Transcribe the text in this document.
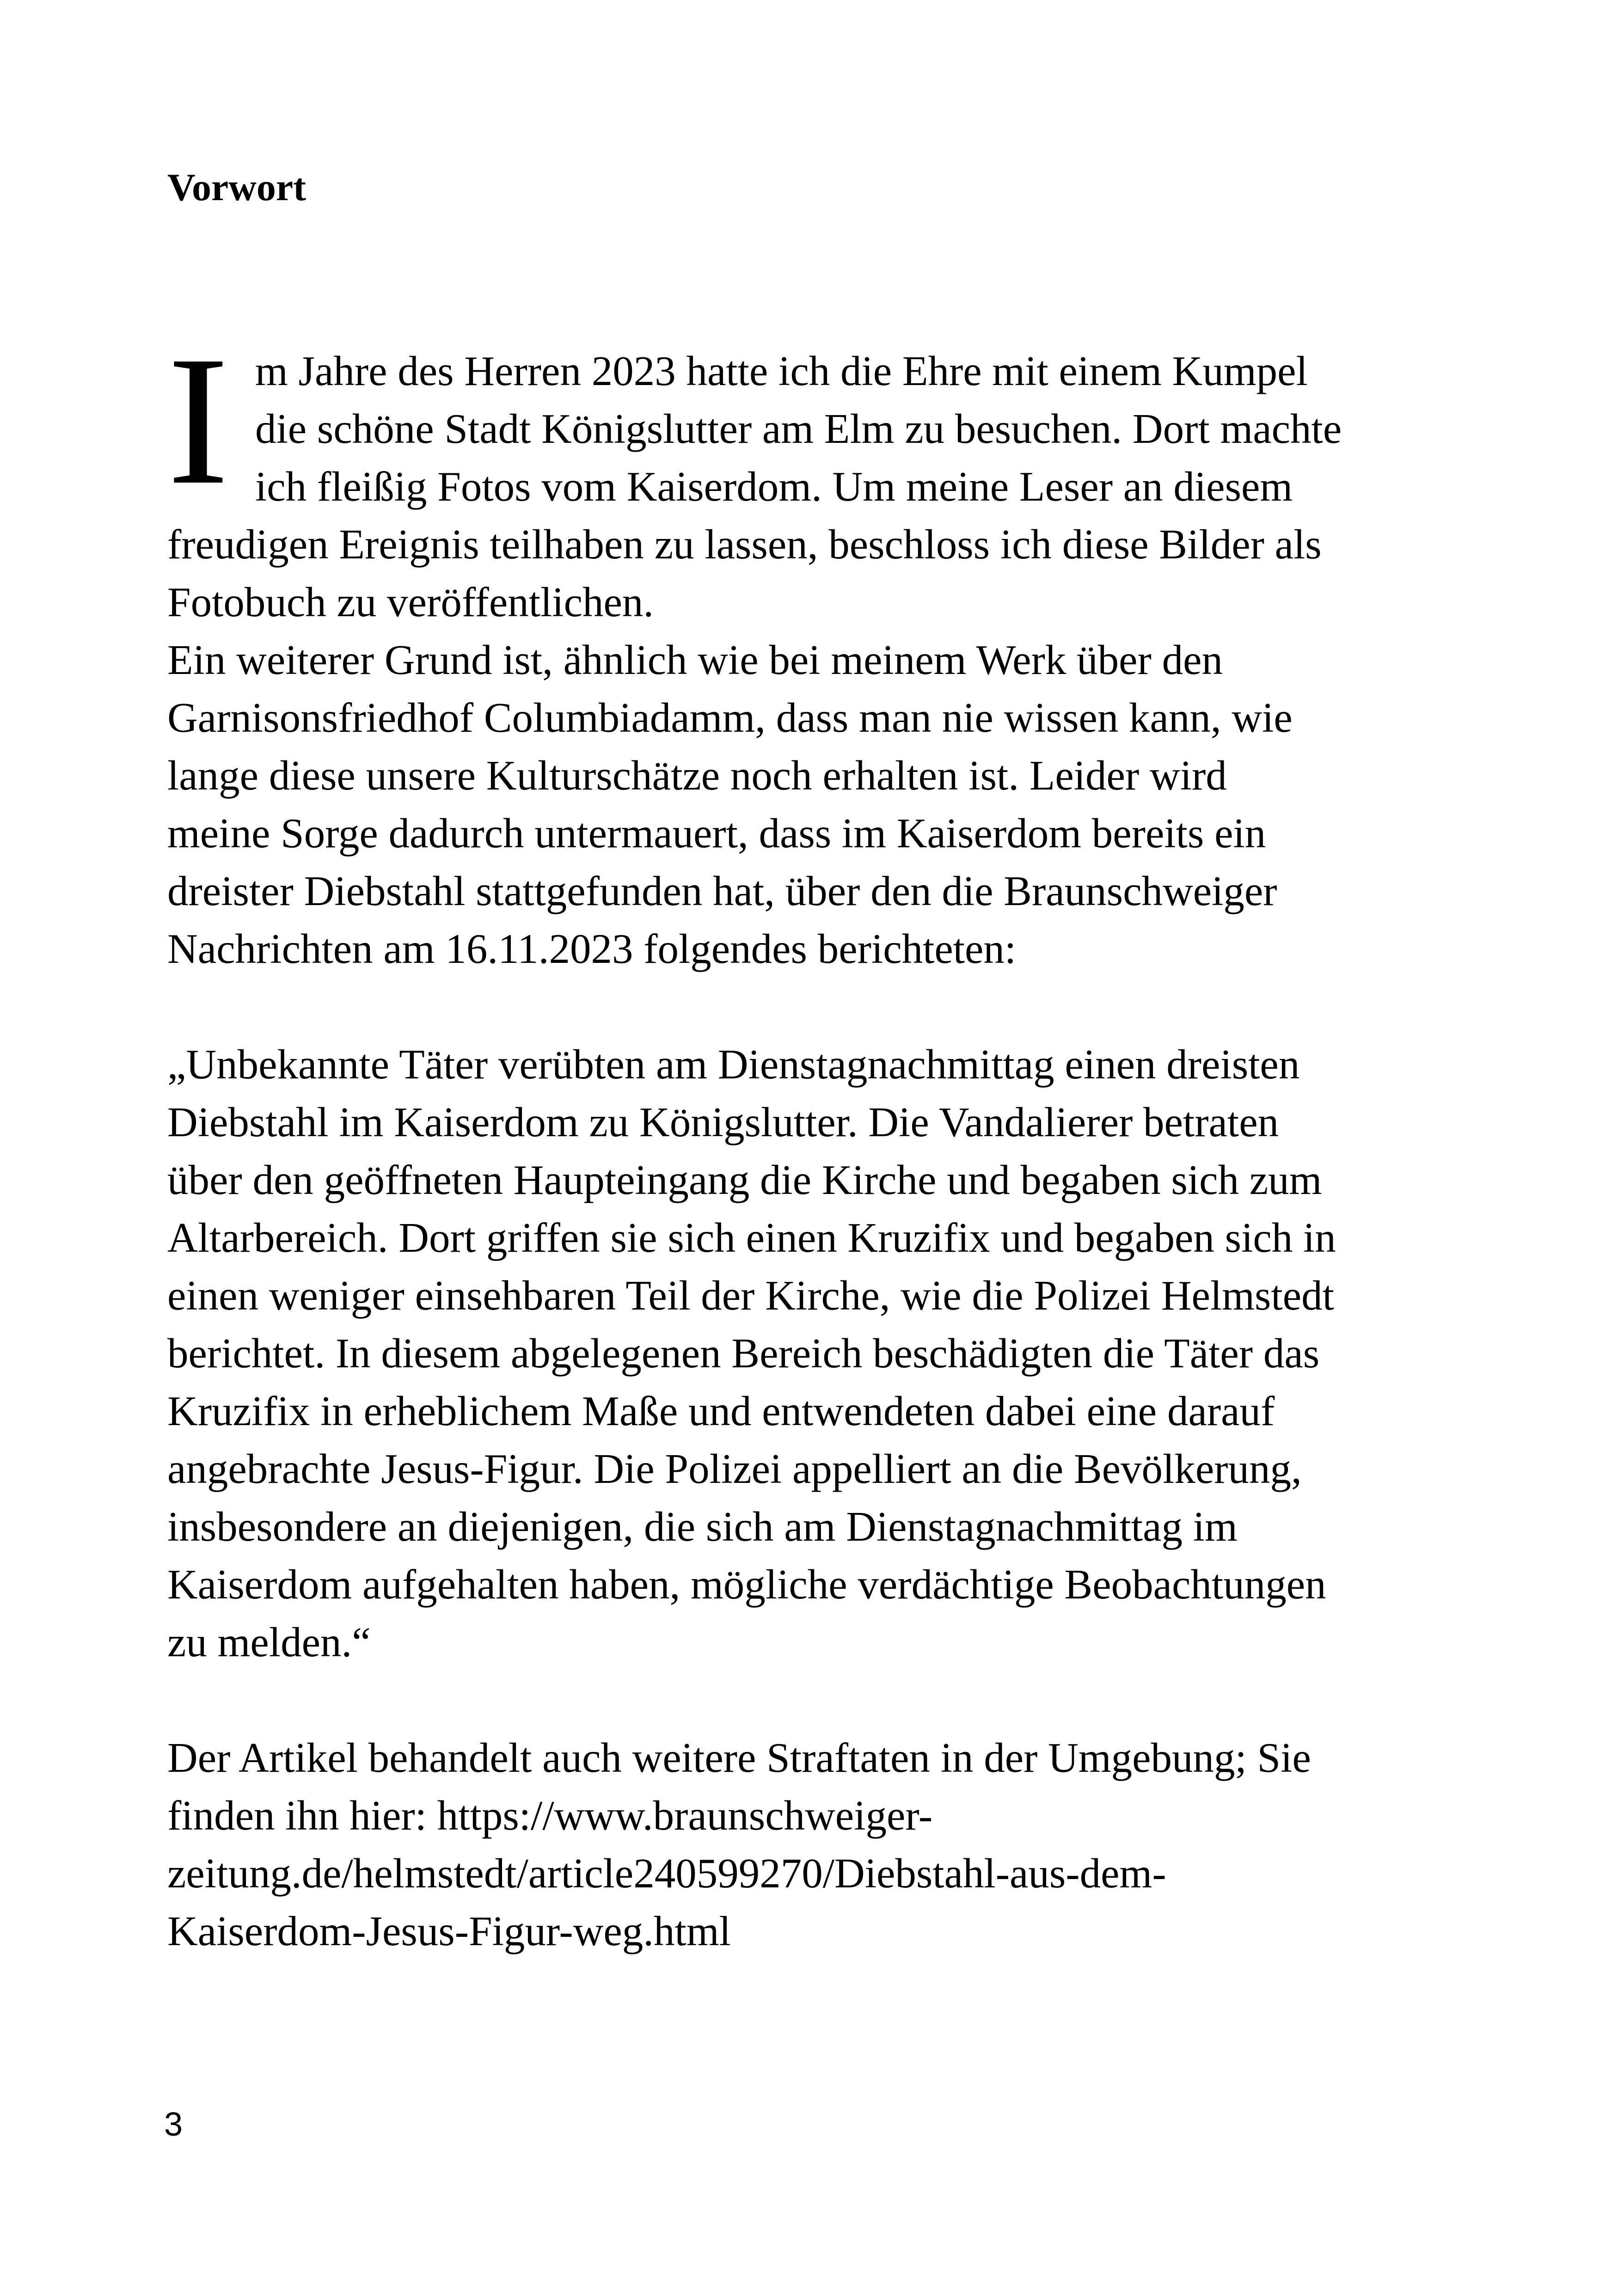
Vorwort
I m Jahre des Herren 2023 hatte ich die Ehre mit einem Kumpel
die schöne Stadt Königslutter am Elm zu besuchen. Dort machte
ich fleißig Fotos vom Kaiserdom. Um meine Leser an diesem
freudigen Ereignis teilhaben zu lassen, beschloss ich diese Bilder als
Fotobuch zu veröffentlichen.
Ein weiterer Grund ist, ähnlich wie bei meinem Werk über den
Garnisonsfriedhof Columbiadamm, dass man nie wissen kann, wie
lange diese unsere Kulturschätze noch erhalten ist. Leider wird
meine Sorge dadurch untermauert, dass im Kaiserdom bereits ein
dreister Diebstahl stattgefunden hat, über den die Braunschweiger
Nachrichten am 16.11.2023 folgendes berichteten:
„Unbekannte Täter verübten am Dienstagnachmittag einen dreisten
Diebstahl im Kaiserdom zu Königslutter. Die Vandalierer betraten
über den geöffneten Haupteingang die Kirche und begaben sich zum
Altarbereich. Dort griffen sie sich einen Kruzifix und begaben sich in
einen weniger einsehbaren Teil der Kirche, wie die Polizei Helmstedt
berichtet. In diesem abgelegenen Bereich beschädigten die Täter das
Kruzifix in erheblichem Maße und entwendeten dabei eine darauf
angebrachte Jesus-Figur. Die Polizei appelliert an die Bevölkerung,
insbesondere an diejenigen, die sich am Dienstagnachmittag im
Kaiserdom aufgehalten haben, mögliche verdächtige Beobachtungen
zu melden.“
Der Artikel behandelt auch weitere Straftaten in der Umgebung; Sie
finden ihn hier: https://www.braunschweiger-
zeitung.de/helmstedt/article240599270/Diebstahl-aus-dem-
Kaiserdom-Jesus-Figur-weg.html
3
